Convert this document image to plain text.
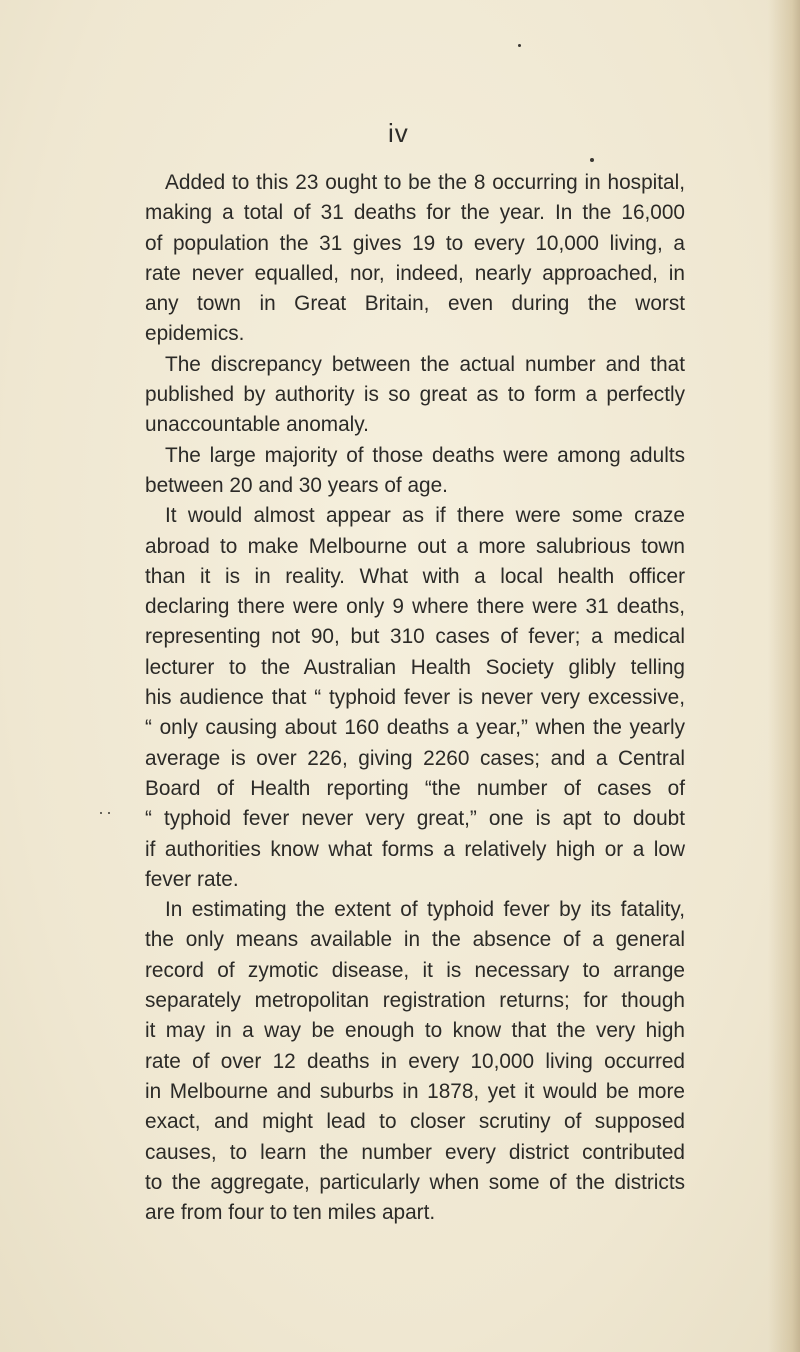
iv
Added to this 23 ought to be the 8 occurring in hospital,
making a total of 31 deaths for the year. In the 16,000
of population the 31 gives 19 to every 10,000 living, a
rate never equalled, nor, indeed, nearly approached, in
any town in Great Britain, even during the worst
epidemics.
The discrepancy between the actual number and that
published by authority is so great as to form a perfectly
unaccountable anomaly.
The large majority of those deaths were among adults
between 20 and 30 years of age.
It would almost appear as if there were some craze
abroad to make Melbourne out a more salubrious town
than it is in reality. What with a local health officer
declaring there were only 9 where there were 31 deaths,
representing not 90, but 310 cases of fever; a medical
lecturer to the Australian Health Society glibly telling
his audience that “ typhoid fever is never very excessive,
“ only causing about 160 deaths a year,” when the yearly
average is over 226, giving 2260 cases; and a Central
Board of Health reporting “the number of cases of
“ typhoid fever never very great,” one is apt to doubt
if authorities know what forms a relatively high or a low
fever rate.
In estimating the extent of typhoid fever by its fatality,
the only means available in the absence of a general
record of zymotic disease, it is necessary to arrange
separately metropolitan registration returns; for though
it may in a way be enough to know that the very high
rate of over 12 deaths in every 10,000 living occurred
in Melbourne and suburbs in 1878, yet it would be more
exact, and might lead to closer scrutiny of supposed
causes, to learn the number every district contributed
to the aggregate, particularly when some of the districts
are from four to ten miles apart.
